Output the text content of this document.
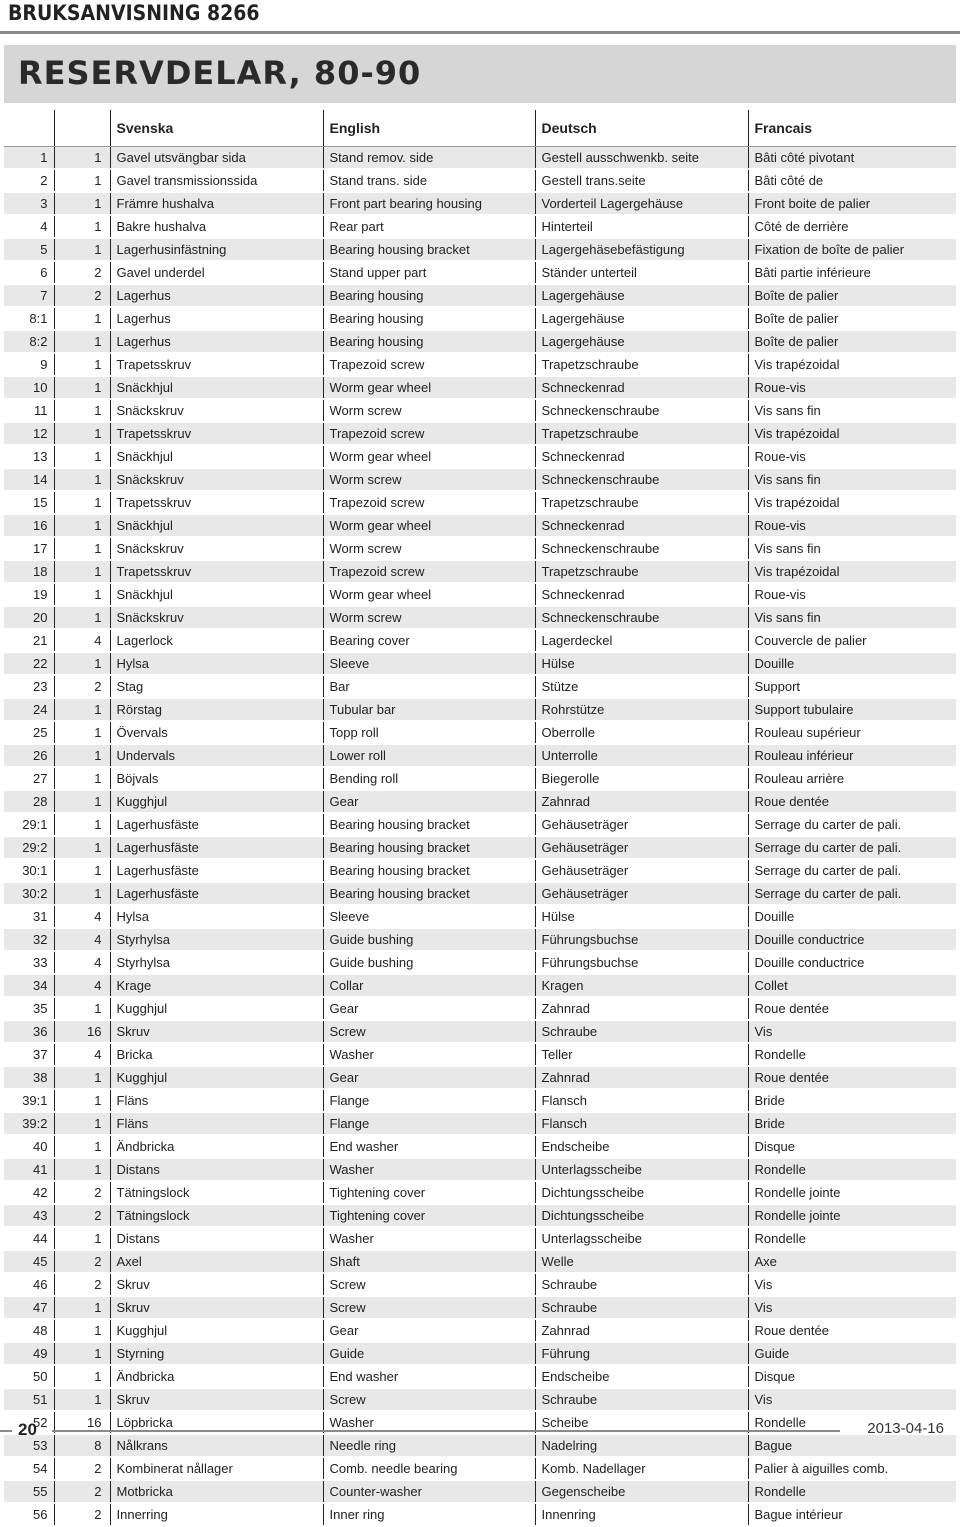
BRUKSANVISNING 8266
RESERVDELAR, 80-90
		Svenska	English	Deutsch	Francais
1	1	Gavel utsvängbar sida	Stand remov. side	Gestell ausschwenkb. seite	Bâti côté pivotant
2	1	Gavel transmissionssida	Stand trans. side	Gestell trans.seite	Bâti côté de
3	1	Främre hushalva	Front part bearing housing	Vorderteil Lagergehäuse	Front boite de palier
4	1	Bakre hushalva	Rear part	Hinterteil	Côté de derrière
5	1	Lagerhusinfästning	Bearing housing bracket	Lagergehäsebefästigung	Fixation de boîte de palier
6	2	Gavel underdel	Stand upper part	Ständer unterteil	Bâti partie inférieure
7	2	Lagerhus	Bearing housing	Lagergehäuse	Boîte de palier
8:1	1	Lagerhus	Bearing housing	Lagergehäuse	Boîte de palier
8:2	1	Lagerhus	Bearing housing	Lagergehäuse	Boîte de palier
9	1	Trapetsskruv	Trapezoid screw	Trapetzschraube	Vis trapézoidal
10	1	Snäckhjul	Worm gear wheel	Schneckenrad	Roue-vis
11	1	Snäckskruv	Worm screw	Schneckenschraube	Vis sans fin
12	1	Trapetsskruv	Trapezoid screw	Trapetzschraube	Vis trapézoidal
13	1	Snäckhjul	Worm gear wheel	Schneckenrad	Roue-vis
14	1	Snäckskruv	Worm screw	Schneckenschraube	Vis sans fin
15	1	Trapetsskruv	Trapezoid screw	Trapetzschraube	Vis trapézoidal
16	1	Snäckhjul	Worm gear wheel	Schneckenrad	Roue-vis
17	1	Snäckskruv	Worm screw	Schneckenschraube	Vis sans fin
18	1	Trapetsskruv	Trapezoid screw	Trapetzschraube	Vis trapézoidal
19	1	Snäckhjul	Worm gear wheel	Schneckenrad	Roue-vis
20	1	Snäckskruv	Worm screw	Schneckenschraube	Vis sans fin
21	4	Lagerlock	Bearing cover	Lagerdeckel	Couvercle de palier
22	1	Hylsa	Sleeve	Hülse	Douille
23	2	Stag	Bar	Stütze	Support
24	1	Rörstag	Tubular bar	Rohrstütze	Support tubulaire
25	1	Övervals	Topp roll	Oberrolle	Rouleau supérieur
26	1	Undervals	Lower roll	Unterrolle	Rouleau inférieur
27	1	Böjvals	Bending roll	Biegerolle	Rouleau arrière
28	1	Kugghjul	Gear	Zahnrad	Roue dentée
29:1	1	Lagerhusfäste	Bearing housing bracket	Gehäuseträger	Serrage du carter de pali.
29:2	1	Lagerhusfäste	Bearing housing bracket	Gehäuseträger	Serrage du carter de pali.
30:1	1	Lagerhusfäste	Bearing housing bracket	Gehäuseträger	Serrage du carter de pali.
30:2	1	Lagerhusfäste	Bearing housing bracket	Gehäuseträger	Serrage du carter de pali.
31	4	Hylsa	Sleeve	Hülse	Douille
32	4	Styrhylsa	Guide bushing	Führungsbuchse	Douille conductrice
33	4	Styrhylsa	Guide bushing	Führungsbuchse	Douille conductrice
34	4	Krage	Collar	Kragen	Collet
35	1	Kugghjul	Gear	Zahnrad	Roue dentée
36	16	Skruv	Screw	Schraube	Vis
37	4	Bricka	Washer	Teller	Rondelle
38	1	Kugghjul	Gear	Zahnrad	Roue dentée
39:1	1	Fläns	Flange	Flansch	Bride
39:2	1	Fläns	Flange	Flansch	Bride
40	1	Ändbricka	End washer	Endscheibe	Disque
41	1	Distans	Washer	Unterlagsscheibe	Rondelle
42	2	Tätningslock	Tightening cover	Dichtungsscheibe	Rondelle jointe
43	2	Tätningslock	Tightening cover	Dichtungsscheibe	Rondelle jointe
44	1	Distans	Washer	Unterlagsscheibe	Rondelle
45	2	Axel	Shaft	Welle	Axe
46	2	Skruv	Screw	Schraube	Vis
47	1	Skruv	Screw	Schraube	Vis
48	1	Kugghjul	Gear	Zahnrad	Roue dentée
49	1	Styrning	Guide	Führung	Guide
50	1	Ändbricka	End washer	Endscheibe	Disque
51	1	Skruv	Screw	Schraube	Vis
52	16	Löpbricka	Washer	Scheibe	Rondelle
53	8	Nålkrans	Needle ring	Nadelring	Bague
54	2	Kombinerat nållager	Comb. needle bearing	Komb. Nadellager	Palier à aiguilles comb.
55	2	Motbricka	Counter-washer	Gegenscheibe	Rondelle
56	2	Innerring	Inner ring	Innenring	Bague intérieur
20	2013-04-16
